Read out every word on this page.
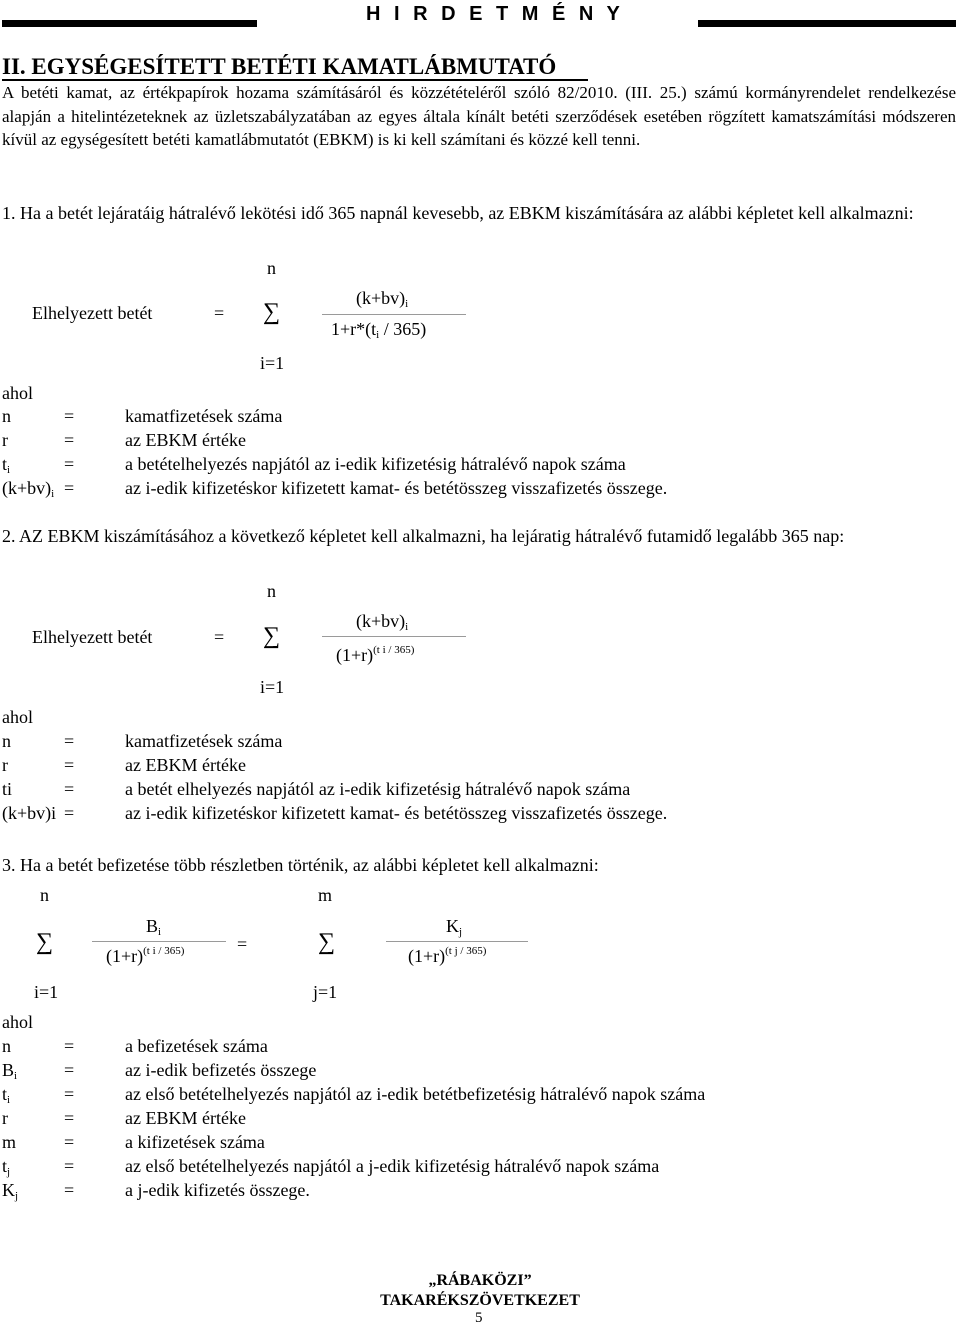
H I R D E T M É N Y
II. EGYSÉGESÍTETT BETÉTI KAMATLÁBMUTATÓ
A betéti kamat, az értékpapírok hozama számításáról és közzétételéről szóló 82/2010. (III. 25.) számú kormányrendelet rendelkezése alapján a hitelintézeteknek az üzletszabályzatában az egyes általa kínált betéti szerződések esetében rögzített kamatszámítási módszeren kívül az egységesített betéti kamatlábmutatót (EBKM) is ki kell számítani és közzé kell tenni.
1. Ha a betét lejáratáig hátralévő lekötési idő 365 napnál kevesebb, az EBKM kiszámítására az alábbi képletet kell alkalmazni:
n
Elhelyezett betét	= ∑
$(k+bv)_i$
$1+r*(t_i / 365)$
i=1
ahol
n	=	kamatfizetések száma
r	=	az EBKM értéke
$t_i$	=	a betételhelyezés napjától az i-edik kifizetésig hátralévő napok száma
$(k+bv)_i$ =	az i-edik kifizetéskor kifizetett kamat- és betétösszeg visszafizetés összege.
2. AZ EBKM kiszámításához a következő képletet kell alkalmazni, ha lejáratig hátralévő futamidő legalább 365 nap:
n
Elhelyezett betét	= ∑
$(k+bv)_i$
$(1+r)^{(t i / 365)}$
i=1
ahol
n	=	kamatfizetések száma
r	=	az EBKM értéke
ti	=	a betét elhelyezés napjától az i-edik kifizetésig hátralévő napok száma
(k+bv)i =	az i-edik kifizetéskor kifizetett kamat- és betétösszeg visszafizetés összege.
3. Ha a betét befizetése több részletben történik, az alábbi képletet kell alkalmazni:
n	m
∑
$B_i$
$(1+r)^{(t i / 365)}$	=	∑
$K_j$
$(1+r)^{(t j / 365)}$
i=1	j=1
ahol
n	=	a befizetések száma
$B_i$	=	az i-edik befizetés összege
$t_i$	=	az első betételhelyezés napjától az i-edik betétbefizetésig hátralévő napok száma
r	=	az EBKM értéke
m	=	a kifizetések száma
$t_j$	=	az első betételhelyezés napjától a j-edik kifizetésig hátralévő napok száma
$K_j$	=	a j-edik kifizetés összege.
„RÁBAKÖZI”
TAKARÉKSZÖVETKEZET
5
